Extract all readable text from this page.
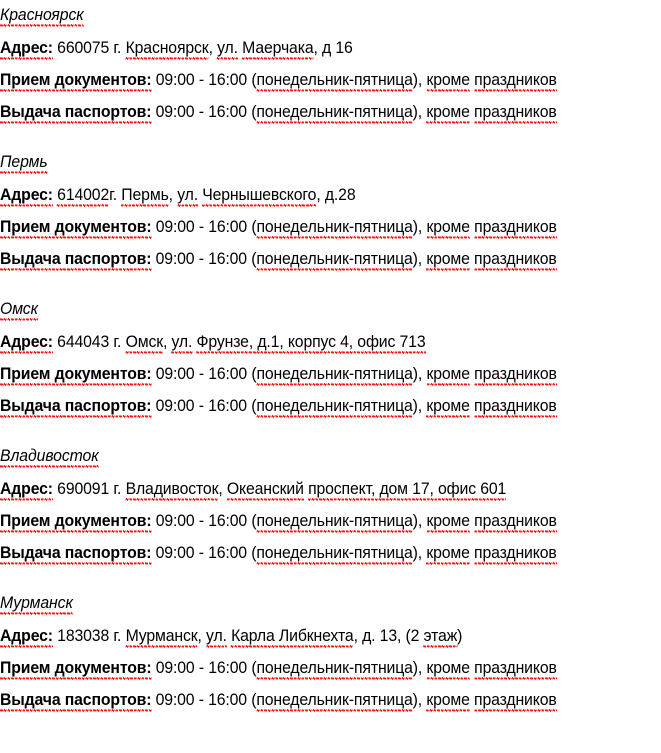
Красноярск
Адрес: 660075 г. Красноярск, ул. Маерчака, д 16
Прием документов: 09:00 - 16:00 (понедельник-пятница), кроме праздников
Выдача паспортов: 09:00 - 16:00 (понедельник-пятница), кроме праздников
Пермь
Адрес: 614002г. Пермь, ул. Чернышевского, д.28
Прием документов: 09:00 - 16:00 (понедельник-пятница), кроме праздников
Выдача паспортов: 09:00 - 16:00 (понедельник-пятница), кроме праздников
Омск
Адрес: 644043 г. Омск, ул. Фрунзе, д.1, корпус 4, офис 713
Прием документов: 09:00 - 16:00 (понедельник-пятница), кроме праздников
Выдача паспортов: 09:00 - 16:00 (понедельник-пятница), кроме праздников
Владивосток
Адрес: 690091 г. Владивосток, Океанский проспект, дом 17, офис 601
Прием документов: 09:00 - 16:00 (понедельник-пятница), кроме праздников
Выдача паспортов: 09:00 - 16:00 (понедельник-пятница), кроме праздников
Мурманск
Адрес: 183038 г. Мурманск, ул. Карла Либкнехта, д. 13, (2 этаж)
Прием документов: 09:00 - 16:00 (понедельник-пятница), кроме праздников
Выдача паспортов: 09:00 - 16:00 (понедельник-пятница), кроме праздников
